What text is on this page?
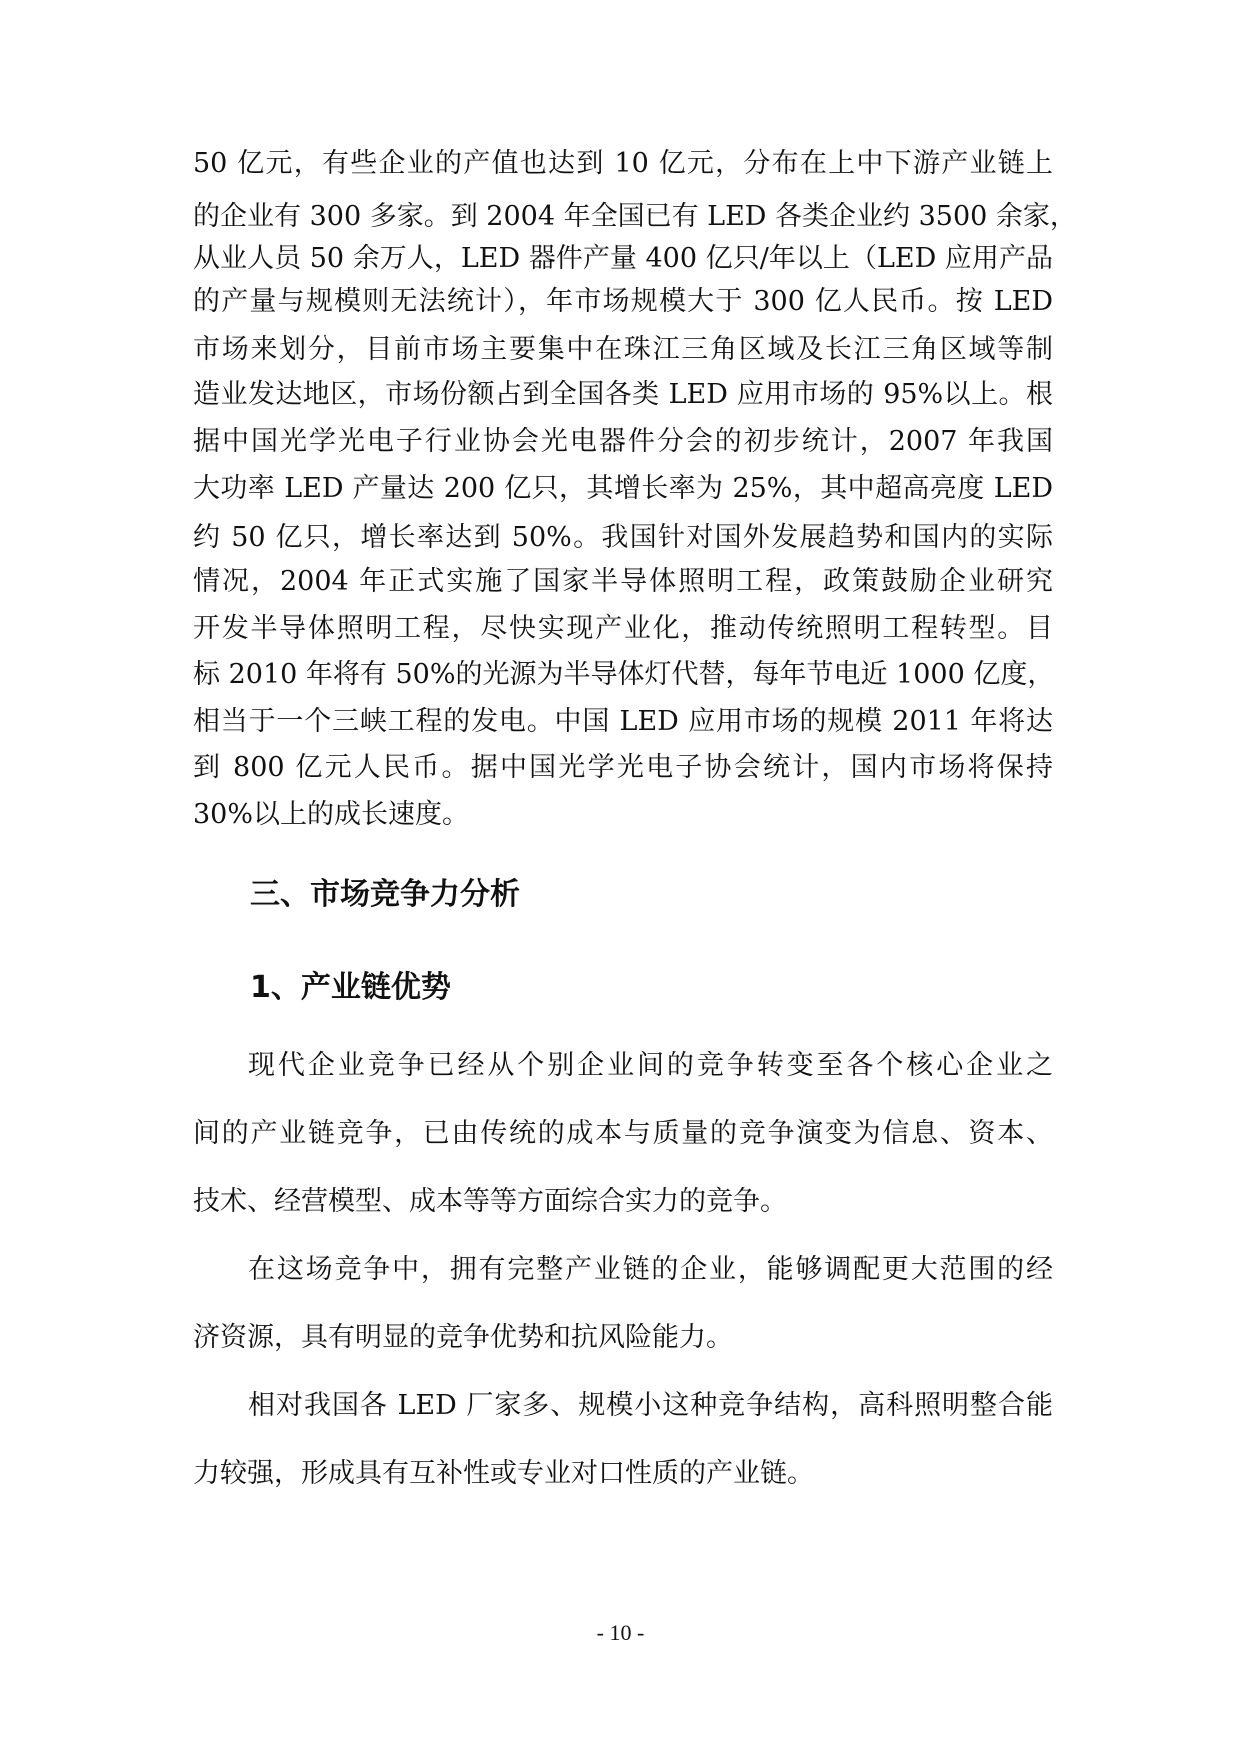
50 亿元，有些企业的产值也达到 10 亿元，分布在上中下游产业链上
的企业有 300 多家。到 2004 年全国已有 LED 各类企业约 3500 余家，
从业人员 50 余万人，LED 器件产量 400 亿只/年以上（LED 应用产品
的产量与规模则无法统计），年市场规模大于 300 亿人民币。按 LED
市场来划分，目前市场主要集中在珠江三角区域及长江三角区域等制
造业发达地区，市场份额占到全国各类 LED 应用市场的 95%以上。根
据中国光学光电子行业协会光电器件分会的初步统计，2007 年我国
大功率 LED 产量达 200 亿只，其增长率为 25%，其中超高亮度 LED
约 50 亿只，增长率达到 50%。我国针对国外发展趋势和国内的实际
情况，2004 年正式实施了国家半导体照明工程，政策鼓励企业研究
开发半导体照明工程，尽快实现产业化，推动传统照明工程转型。目
标 2010 年将有 50%的光源为半导体灯代替，每年节电近 1000 亿度，
相当于一个三峡工程的发电。中国 LED 应用市场的规模 2011 年将达
到 800 亿元人民币。据中国光学光电子协会统计，国内市场将保持
30%以上的成长速度。
三、市场竞争力分析
1、产业链优势
现代企业竞争已经从个别企业间的竞争转变至各个核心企业之
间的产业链竞争，已由传统的成本与质量的竞争演变为信息、资本、
技术、经营模型、成本等等方面综合实力的竞争。
在这场竞争中，拥有完整产业链的企业，能够调配更大范围的经
济资源，具有明显的竞争优势和抗风险能力。
相对我国各 LED 厂家多、规模小这种竞争结构，高科照明整合能
力较强，形成具有互补性或专业对口性质的产业链。
- 10 -
